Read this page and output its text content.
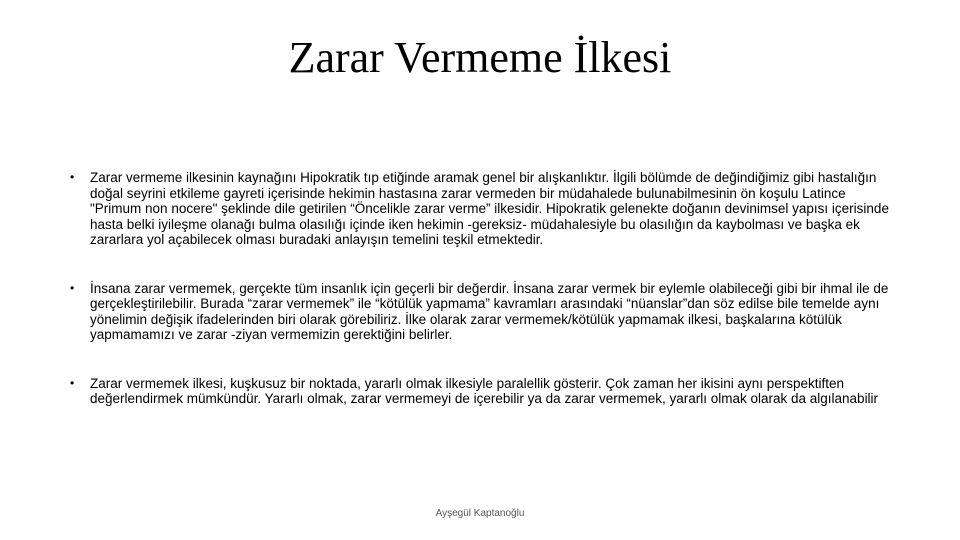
Zarar Vermeme İlkesi
•	Zarar vermeme ilkesinin kaynağını Hipokratik tıp etiğinde aramak genel bir alışkanlıktır. İlgili bölümde de değindiğimiz gibi hastalığın doğal seyrini etkileme gayreti içerisinde hekimin hastasına zarar vermeden bir müdahalede bulunabilmesinin ön koşulu Latince "Primum non nocere" şeklinde dile getirilen “Öncelikle zarar verme” ilkesidir. Hipokratik gelenekte doğanın devinimsel yapısı içerisinde hasta belki iyileşme olanağı bulma olasılığı içinde iken hekimin -gereksiz- müdahalesiyle bu olasılığın da kaybolması ve başka ek zararlara yol açabilecek olması buradaki anlayışın temelini teşkil etmektedir.
•	İnsana zarar vermemek, gerçekte tüm insanlık için geçerli bir değerdir. İnsana zarar vermek bir eylemle olabileceği gibi bir ihmal ile de gerçekleştirilebilir. Burada “zarar vermemek” ile “kötülük yapmama” kavramları arasındaki “nüanslar”dan söz edilse bile temelde aynı yönelimin değişik ifadelerinden biri olarak görebiliriz. İlke olarak zarar vermemek/kötülük yapmamak ilkesi, başkalarına kötülük yapmamamızı ve zarar -ziyan vermemizin gerektiğini belirler.
•	Zarar vermemek ilkesi, kuşkusuz bir noktada, yararlı olmak ilkesiyle paralellik gösterir. Çok zaman her ikisini aynı perspektiften değerlendirmek mümkündür. Yararlı olmak, zarar vermemeyi de içerebilir ya da zarar vermemek, yararlı olmak olarak da algılanabilir
Ayşegül Kaptanoğlu
